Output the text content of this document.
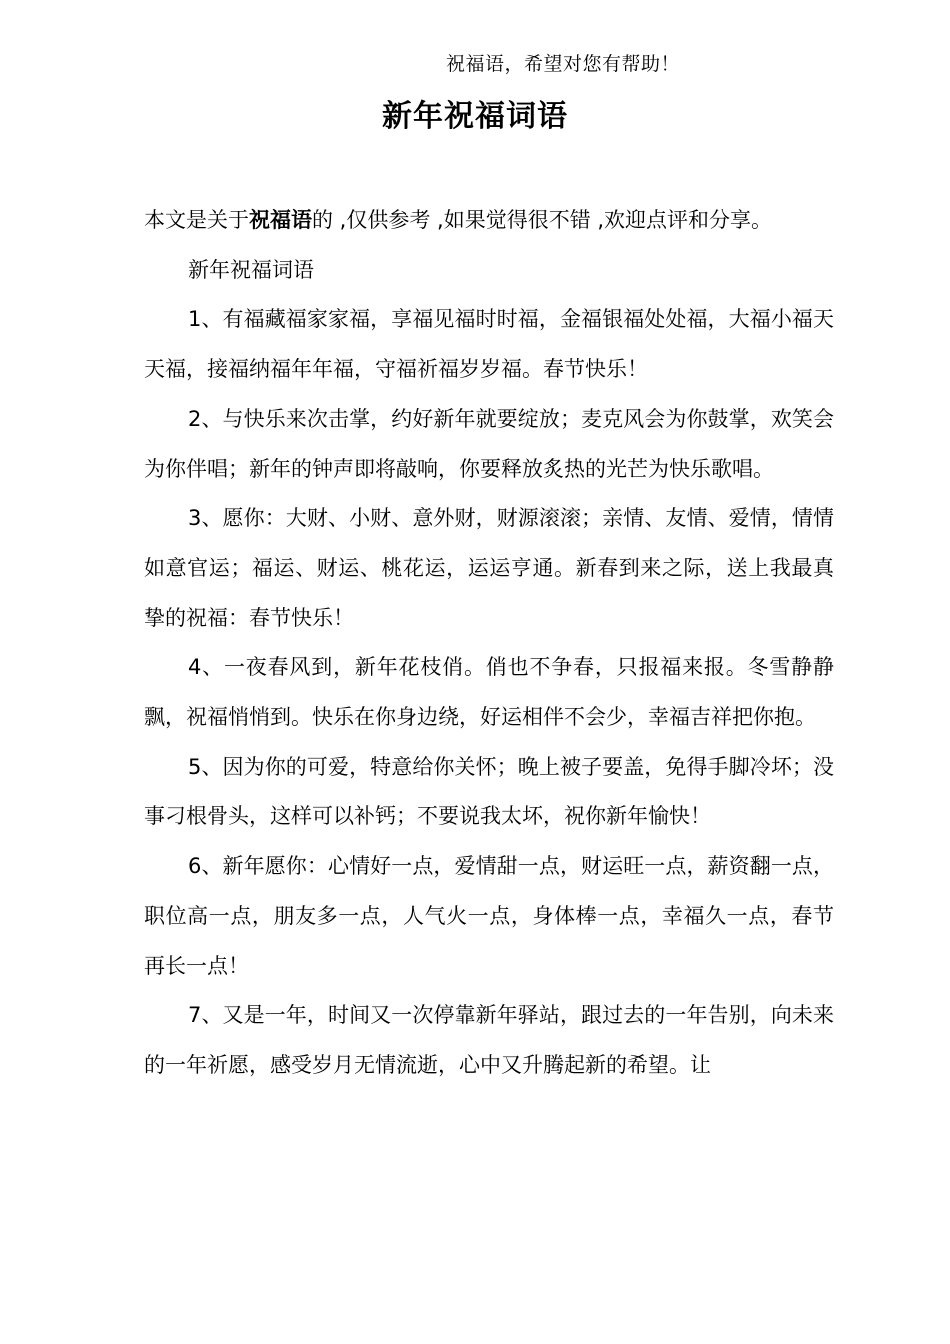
祝福语，希望对您有帮助！
新年祝福词语

本文是关于祝福语的 ,仅供参考 ,如果觉得很不错 ,欢迎点评和分享。

新年祝福词语

1、有福藏福家家福，享福见福时时福，金福银福处处福，大福小福天天福，接福纳福年年福，守福祈福岁岁福。春节快乐！

2、与快乐来次击掌，约好新年就要绽放；麦克风会为你鼓掌，欢笑会为你伴唱；新年的钟声即将敲响，你要释放炙热的光芒为快乐歌唱。

3、愿你：大财、小财、意外财，财源滚滚；亲情、友情、爱情，情情如意官运；福运、财运、桃花运，运运亨通。新春到来之际，送上我最真挚的祝福：春节快乐！

4、一夜春风到，新年花枝俏。俏也不争春，只报福来报。冬雪静静飘，祝福悄悄到。快乐在你身边绕，好运相伴不会少，幸福吉祥把你抱。

5、因为你的可爱，特意给你关怀；晚上被子要盖，免得手脚冷坏；没事刁根骨头，这样可以补钙；不要说我太坏，祝你新年愉快！

6、新年愿你：心情好一点，爱情甜一点，财运旺一点，薪资翻一点，职位高一点，朋友多一点，人气火一点，身体棒一点，幸福久一点，春节再长一点！

7、又是一年，时间又一次停靠新年驿站，跟过去的一年告别，向未来的一年祈愿，感受岁月无情流逝，心中又升腾起新的希望。让
